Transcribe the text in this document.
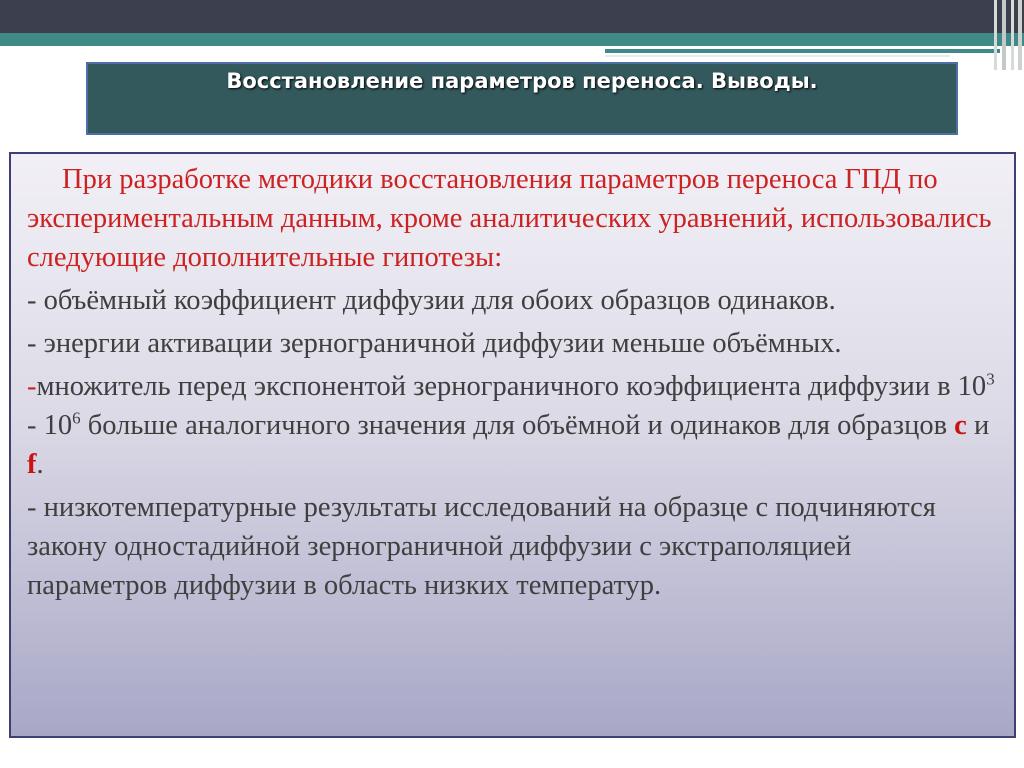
Восстановление параметров переноса. Выводы.

При разработке методики восстановления параметров переноса ГПД по экспериментальным данным, кроме аналитических уравнений, использовались следующие дополнительные гипотезы:

- объёмный коэффициент диффузии для обоих образцов одинаков.

- энергии активации зернограничной диффузии меньше объёмных.

-множитель перед экспонентой зернограничного коэффициента диффузии в $10^3 - 10^6$ больше аналогичного значения для объёмной и одинаков для образцов c и f.

- низкотемпературные результаты исследований на образце с подчиняются закону одностадийной зернограничной диффузии с экстраполяцией параметров диффузии в область низких температур.
